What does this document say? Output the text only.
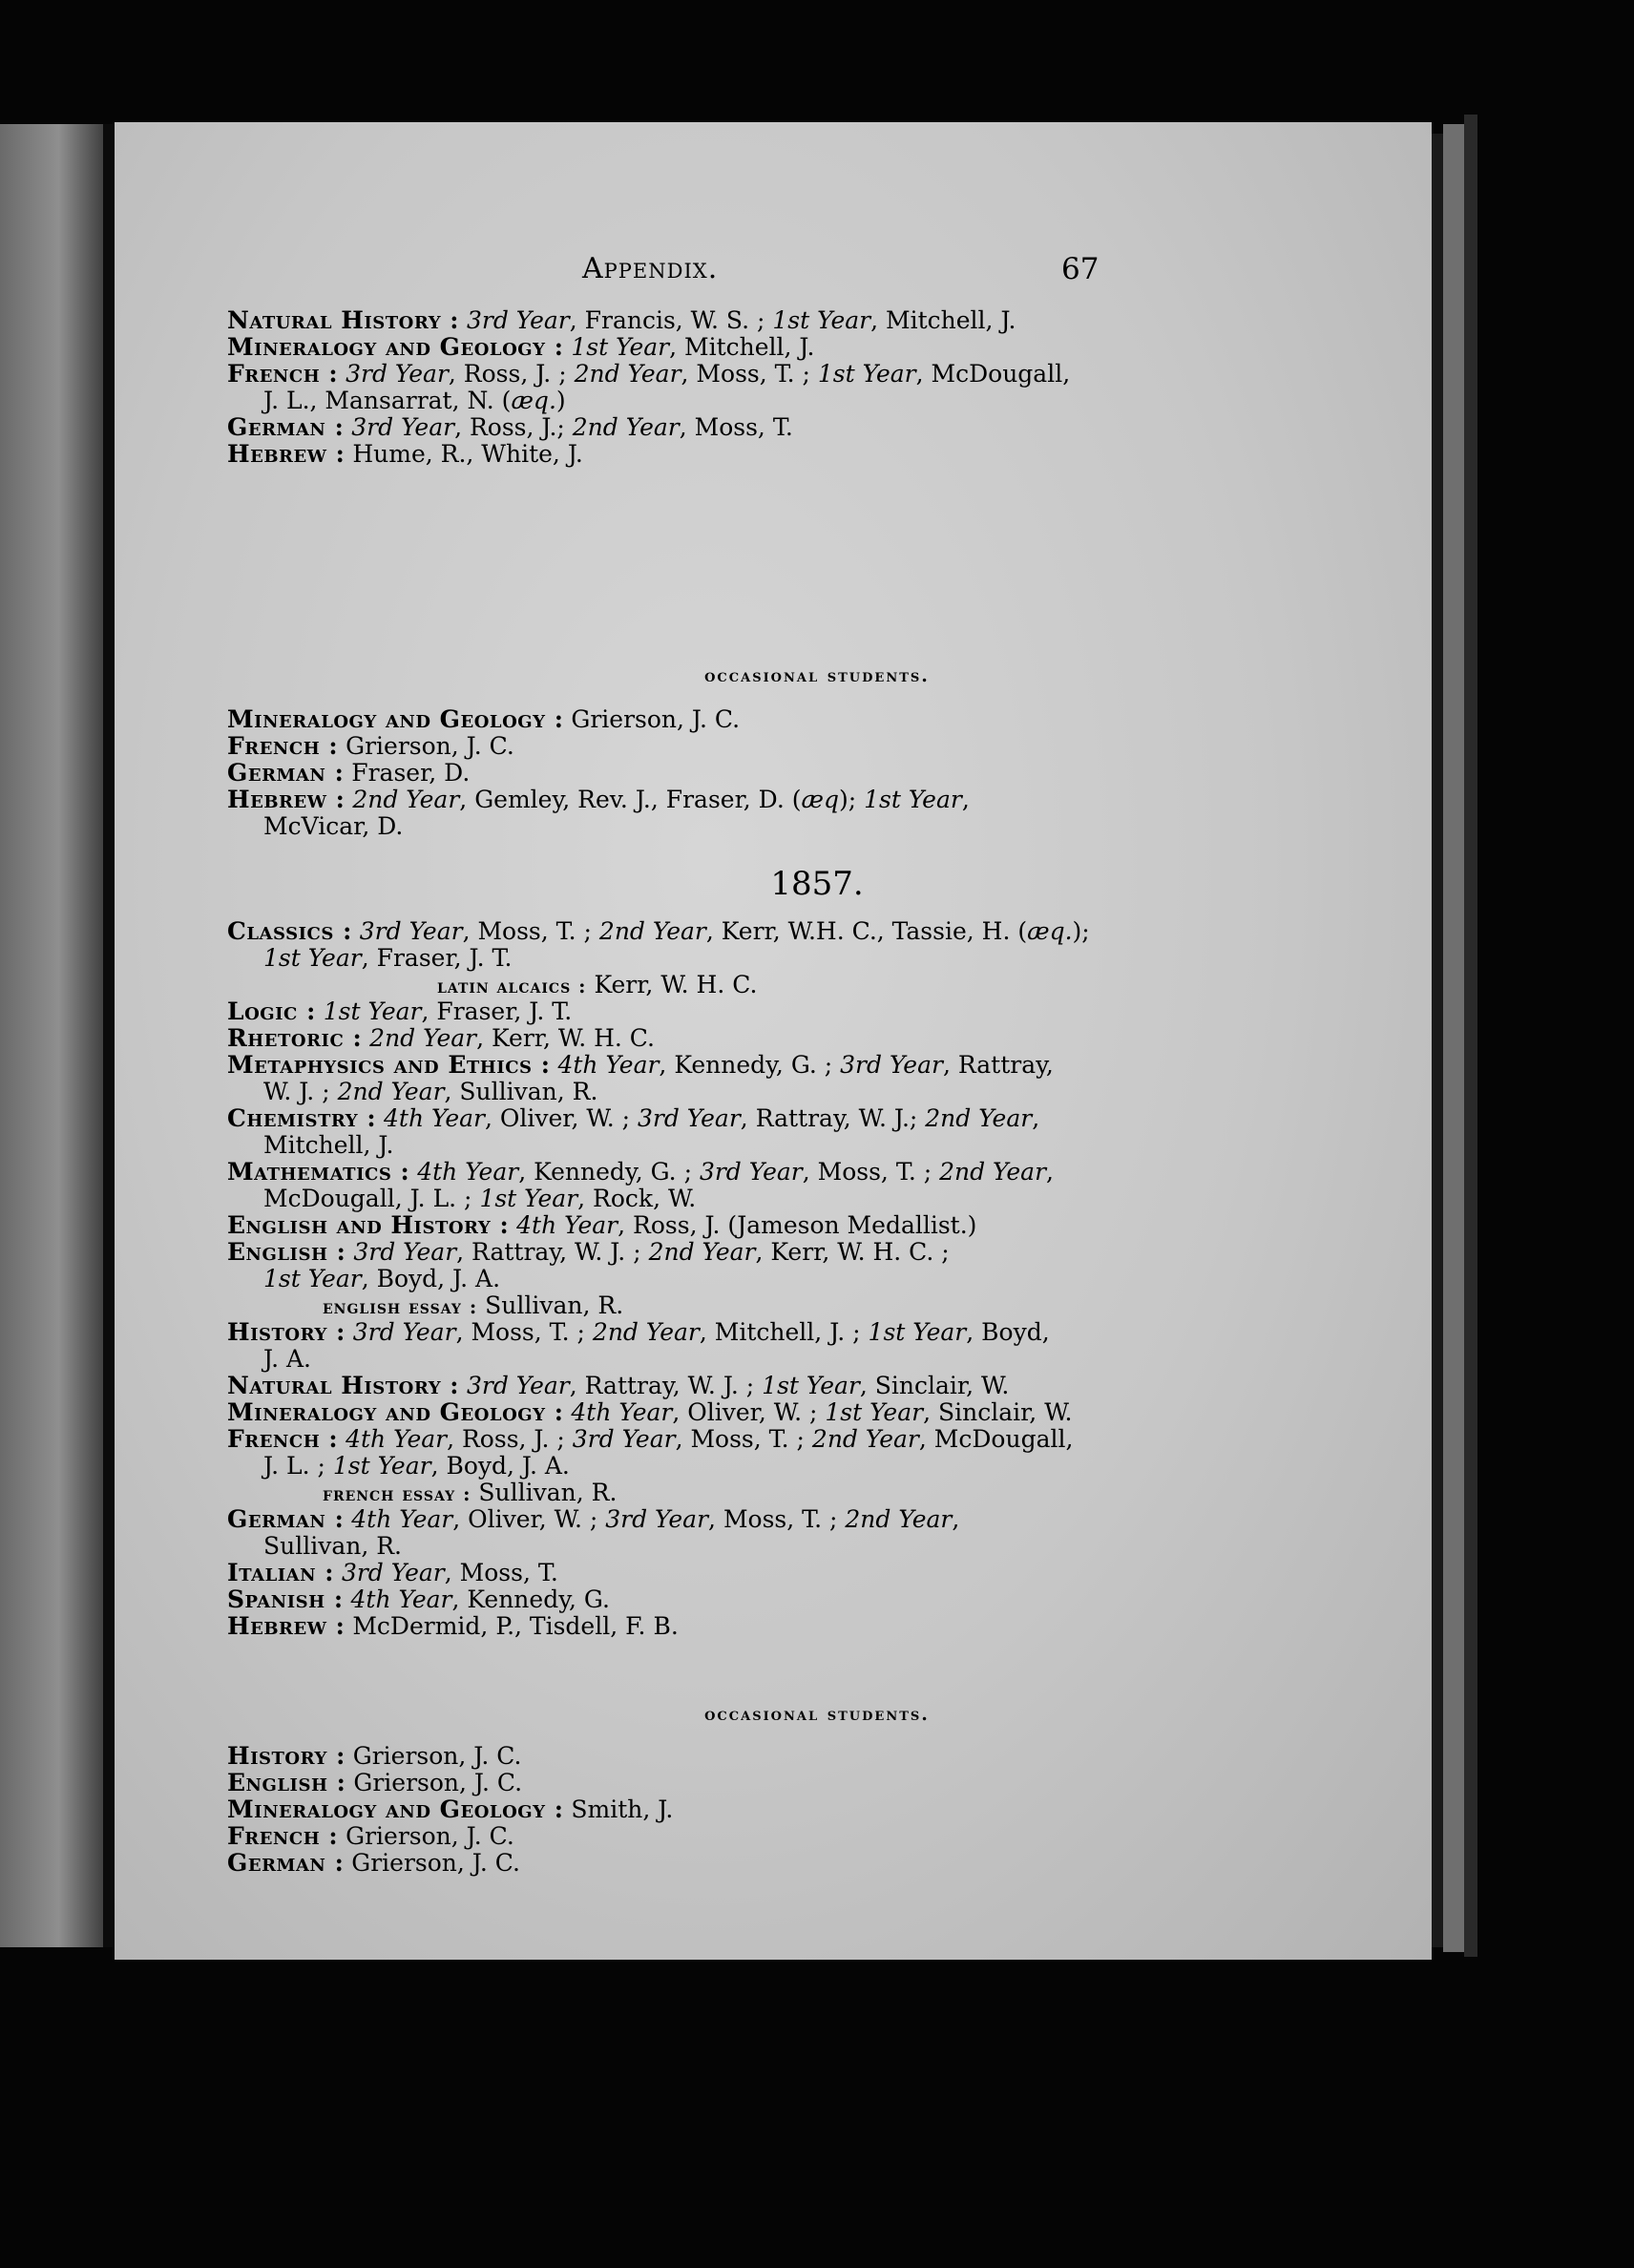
Appendix.	67
Natural History : 3rd Year, Francis, W. S. ; 1st Year, Mitchell, J.
Mineralogy and Geology : 1st Year, Mitchell, J.
French : 3rd Year, Ross, J. ; 2nd Year, Moss, T. ; 1st Year, McDougall,
J. L., Mansarrat, N. (æq.)
German : 3rd Year, Ross, J.; 2nd Year, Moss, T.
Hebrew : Hume, R., White, J.
occasional students.
Mineralogy and Geology : Grierson, J. C.
French : Grierson, J. C.
German : Fraser, D.
Hebrew : 2nd Year, Gemley, Rev. J., Fraser, D. (æq); 1st Year,
McVicar, D.
1857.
Classics : 3rd Year, Moss, T. ; 2nd Year, Kerr, W.H. C., Tassie, H. (æq.);
1st Year, Fraser, J. T.
latin alcaics : Kerr, W. H. C.
Logic : 1st Year, Fraser, J. T.
Rhetoric : 2nd Year, Kerr, W. H. C.
Metaphysics and Ethics : 4th Year, Kennedy, G. ; 3rd Year, Rattray,
W. J. ; 2nd Year, Sullivan, R.
Chemistry : 4th Year, Oliver, W. ; 3rd Year, Rattray, W. J.; 2nd Year,
Mitchell, J.
Mathematics : 4th Year, Kennedy, G. ; 3rd Year, Moss, T. ; 2nd Year,
McDougall, J. L. ; 1st Year, Rock, W.
English and History : 4th Year, Ross, J. (Jameson Medallist.)
English : 3rd Year, Rattray, W. J. ; 2nd Year, Kerr, W. H. C. ;
1st Year, Boyd, J. A.
english essay : Sullivan, R.
History : 3rd Year, Moss, T. ; 2nd Year, Mitchell, J. ; 1st Year, Boyd,
J. A.
Natural History : 3rd Year, Rattray, W. J. ; 1st Year, Sinclair, W.
Mineralogy and Geology : 4th Year, Oliver, W. ; 1st Year, Sinclair, W.
French : 4th Year, Ross, J. ; 3rd Year, Moss, T. ; 2nd Year, McDougall,
J. L. ; 1st Year, Boyd, J. A.
french essay : Sullivan, R.
German : 4th Year, Oliver, W. ; 3rd Year, Moss, T. ; 2nd Year,
Sullivan, R.
Italian : 3rd Year, Moss, T.
Spanish : 4th Year, Kennedy, G.
Hebrew : McDermid, P., Tisdell, F. B.
occasional students.
History : Grierson, J. C.
English : Grierson, J. C.
Mineralogy and Geology : Smith, J.
French : Grierson, J. C.
German : Grierson, J. C.
